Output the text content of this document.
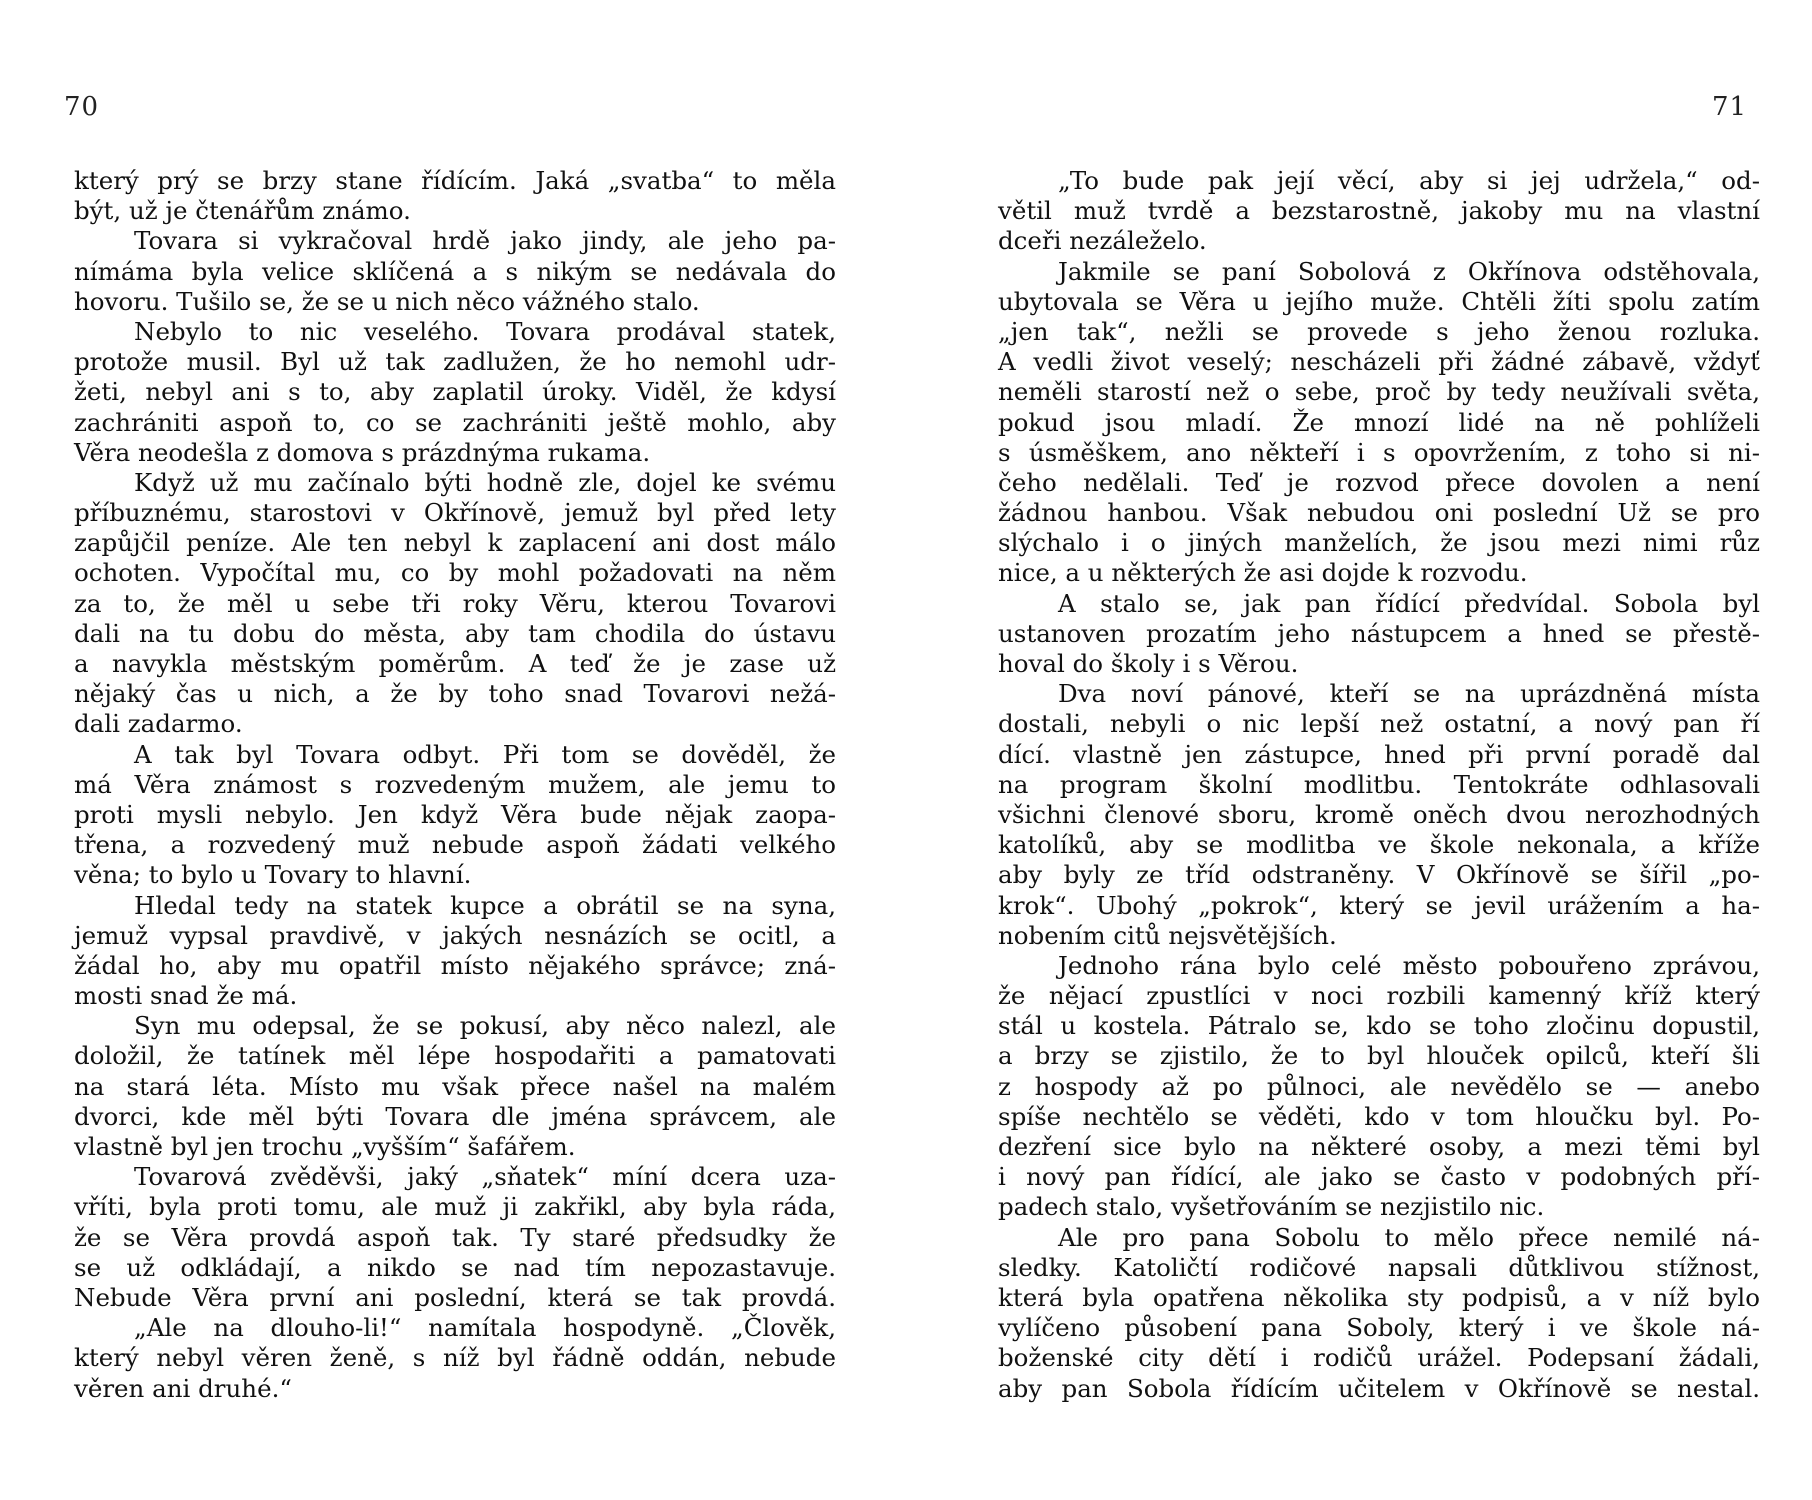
70
který prý se brzy stane řídícím. Jaká „svatba“ to měla
být, už je čtenářům známo.
Tovara si vykračoval hrdě jako jindy, ale jeho pa-
nímáma byla velice sklíčená a s nikým se nedávala do
hovoru. Tušilo se, že se u nich něco vážného stalo.
Nebylo to nic veselého. Tovara prodával statek,
protože musil. Byl už tak zadlužen, že ho nemohl udr-
žeti, nebyl ani s to, aby zaplatil úroky. Viděl, že kdysí
zachrániti aspoň to, co se zachrániti ještě mohlo, aby
Věra neodešla z domova s prázdnýma rukama.
Když už mu začínalo býti hodně zle, dojel ke svému
příbuznému, starostovi v Okřínově, jemuž byl před lety
zapůjčil peníze. Ale ten nebyl k zaplacení ani dost málo
ochoten. Vypočítal mu, co by mohl požadovati na něm
za to, že měl u sebe tři roky Věru, kterou Tovarovi
dali na tu dobu do města, aby tam chodila do ústavu
a navykla městským poměrům. A teď že je zase už
nějaký čas u nich, a že by toho snad Tovarovi nežá-
dali zadarmo.
A tak byl Tovara odbyt. Při tom se dověděl, že
má Věra známost s rozvedeným mužem, ale jemu to
proti mysli nebylo. Jen když Věra bude nějak zaopa-
třena, a rozvedený muž nebude aspoň žádati velkého
věna; to bylo u Tovary to hlavní.
Hledal tedy na statek kupce a obrátil se na syna,
jemuž vypsal pravdivě, v jakých nesnázích se ocitl, a
žádal ho, aby mu opatřil místo nějakého správce; zná-
mosti snad že má.
Syn mu odepsal, že se pokusí, aby něco nalezl, ale
doložil, že tatínek měl lépe hospodařiti a pamatovati
na stará léta. Místo mu však přece našel na malém
dvorci, kde měl býti Tovara dle jména správcem, ale
vlastně byl jen trochu „vyšším“ šafářem.
Tovarová zvěděvši, jaký „sňatek“ míní dcera uza-
vříti, byla proti tomu, ale muž ji zakřikl, aby byla ráda,
že se Věra provdá aspoň tak. Ty staré předsudky že
se už odkládají, a nikdo se nad tím nepozastavuje.
Nebude Věra první ani poslední, která se tak provdá.
„Ale na dlouho-li!“ namítala hospodyně. „Člověk,
který nebyl věren ženě, s níž byl řádně oddán, nebude
věren ani druhé.“
71
„To bude pak její věcí, aby si jej udržela,“ od-
větil muž tvrdě a bezstarostně, jakoby mu na vlastní
dceři nezáleželo.
Jakmile se paní Sobolová z Okřínova odstěhovala,
ubytovala se Věra u jejího muže. Chtěli žíti spolu zatím
„jen tak“, nežli se provede s jeho ženou rozluka.
A vedli život veselý; nescházeli při žádné zábavě, vždyť
neměli starostí než o sebe, proč by tedy neužívali světa,
pokud jsou mladí. Že mnozí lidé na ně pohlíželi
s úsměškem, ano někteří i s opovržením, z toho si ni-
čeho nedělali. Teď je rozvod přece dovolen a není
žádnou hanbou. Však nebudou oni poslední Už se pro
slýchalo i o jiných manželích, že jsou mezi nimi růz
nice, a u některých že asi dojde k rozvodu.
A stalo se, jak pan řídící předvídal. Sobola byl
ustanoven prozatím jeho nástupcem a hned se přestě-
hoval do školy i s Věrou.
Dva noví pánové, kteří se na uprázdněná místa
dostali, nebyli o nic lepší než ostatní, a nový pan ří
dící. vlastně jen zástupce, hned při první poradě dal
na program školní modlitbu. Tentokráte odhlasovali
všichni členové sboru, kromě oněch dvou nerozhodných
katolíků, aby se modlitba ve škole nekonala, a kříže
aby byly ze tříd odstraněny. V Okřínově se šířil „po-
krok“. Ubohý „pokrok“, který se jevil urážením a ha-
nobením citů nejsvětějších.
Jednoho rána bylo celé město pobouřeno zprávou,
že nějací zpustlíci v noci rozbili kamenný kříž který
stál u kostela. Pátralo se, kdo se toho zločinu dopustil,
a brzy se zjistilo, že to byl hlouček opilců, kteří šli
z hospody až po půlnoci, ale nevědělo se — anebo
spíše nechtělo se věděti, kdo v tom hloučku byl. Po-
dezření sice bylo na některé osoby, a mezi těmi byl
i nový pan řídící, ale jako se často v podobných pří-
padech stalo, vyšetřováním se nezjistilo nic.
Ale pro pana Sobolu to mělo přece nemilé ná-
sledky. Katoličtí rodičové napsali důtklivou stížnost,
která byla opatřena několika sty podpisů, a v níž bylo
vylíčeno působení pana Soboly, který i ve škole ná-
boženské city dětí i rodičů urážel. Podepsaní žádali,
aby pan Sobola řídícím učitelem v Okřínově se nestal.
